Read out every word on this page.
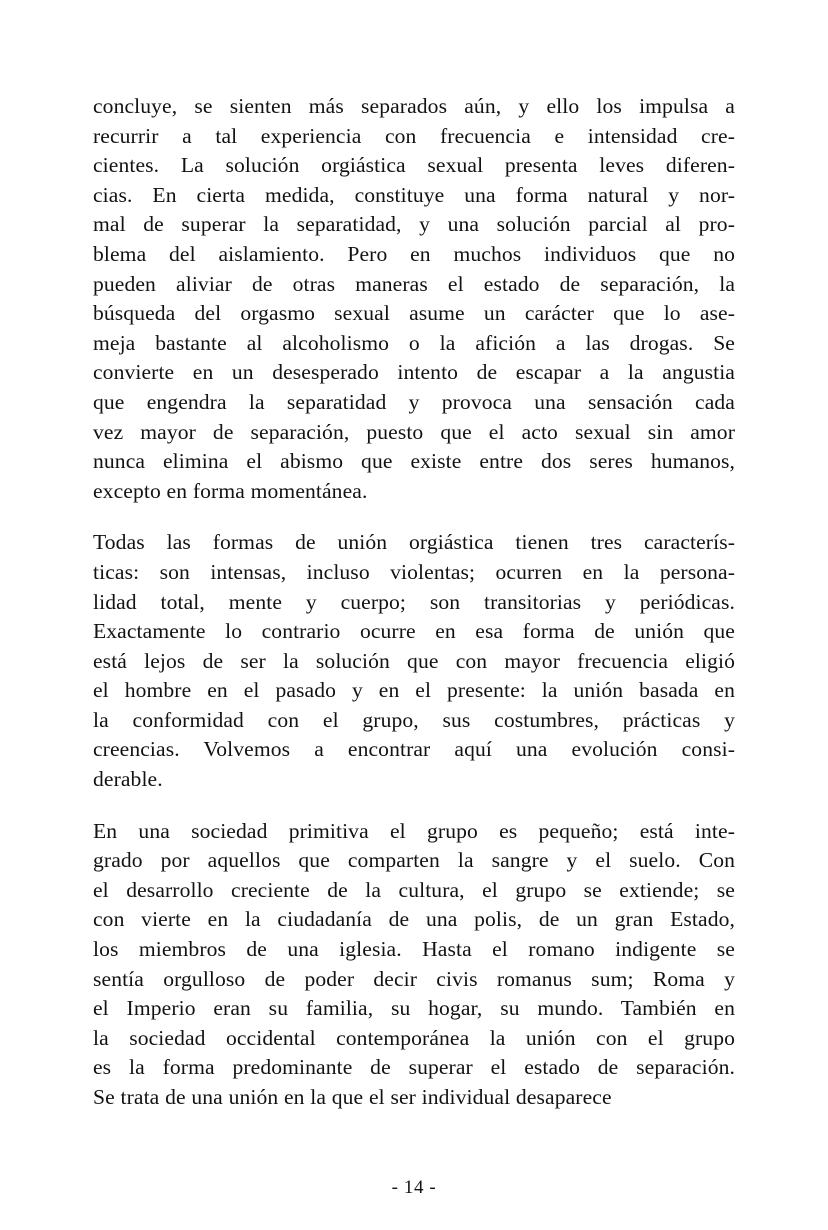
concluye, se sienten más separados aún, y ello los impulsa a
recurrir a tal experiencia con frecuencia e intensidad cre-
cientes. La solución orgiástica sexual presenta leves diferen-
cias. En cierta medida, constituye una forma natural y nor-
mal de superar la separatidad, y una solución parcial al pro-
blema del aislamiento. Pero en muchos individuos que no
pueden aliviar de otras maneras el estado de separación, la
búsqueda del orgasmo sexual asume un carácter que lo ase-
meja bastante al alcoholismo o la afición a las drogas. Se
convierte en un desesperado intento de escapar a la angustia
que engendra la separatidad y provoca una sensación cada
vez mayor de separación, puesto que el acto sexual sin amor
nunca elimina el abismo que existe entre dos seres humanos,
excepto en forma momentánea.
Todas las formas de unión orgiástica tienen tres caracterís-
ticas: son intensas, incluso violentas; ocurren en la persona-
lidad total, mente y cuerpo; son transitorias y periódicas.
Exactamente lo contrario ocurre en esa forma de unión que
está lejos de ser la solución que con mayor frecuencia eligió
el hombre en el pasado y en el presente: la unión basada en
la conformidad con el grupo, sus costumbres, prácticas y
creencias. Volvemos a encontrar aquí una evolución consi-
derable.
En una sociedad primitiva el grupo es pequeño; está inte-
grado por aquellos que comparten la sangre y el suelo. Con
el desarrollo creciente de la cultura, el grupo se extiende; se
con vierte en la ciudadanía de una polis, de un gran Estado,
los miembros de una iglesia. Hasta el romano indigente se
sentía orgulloso de poder decir civis romanus sum; Roma y
el Imperio eran su familia, su hogar, su mundo. También en
la sociedad occidental contemporánea la unión con el grupo
es la forma predominante de superar el estado de separación.
Se trata de una unión en la que el ser individual desaparece
- 14 -
